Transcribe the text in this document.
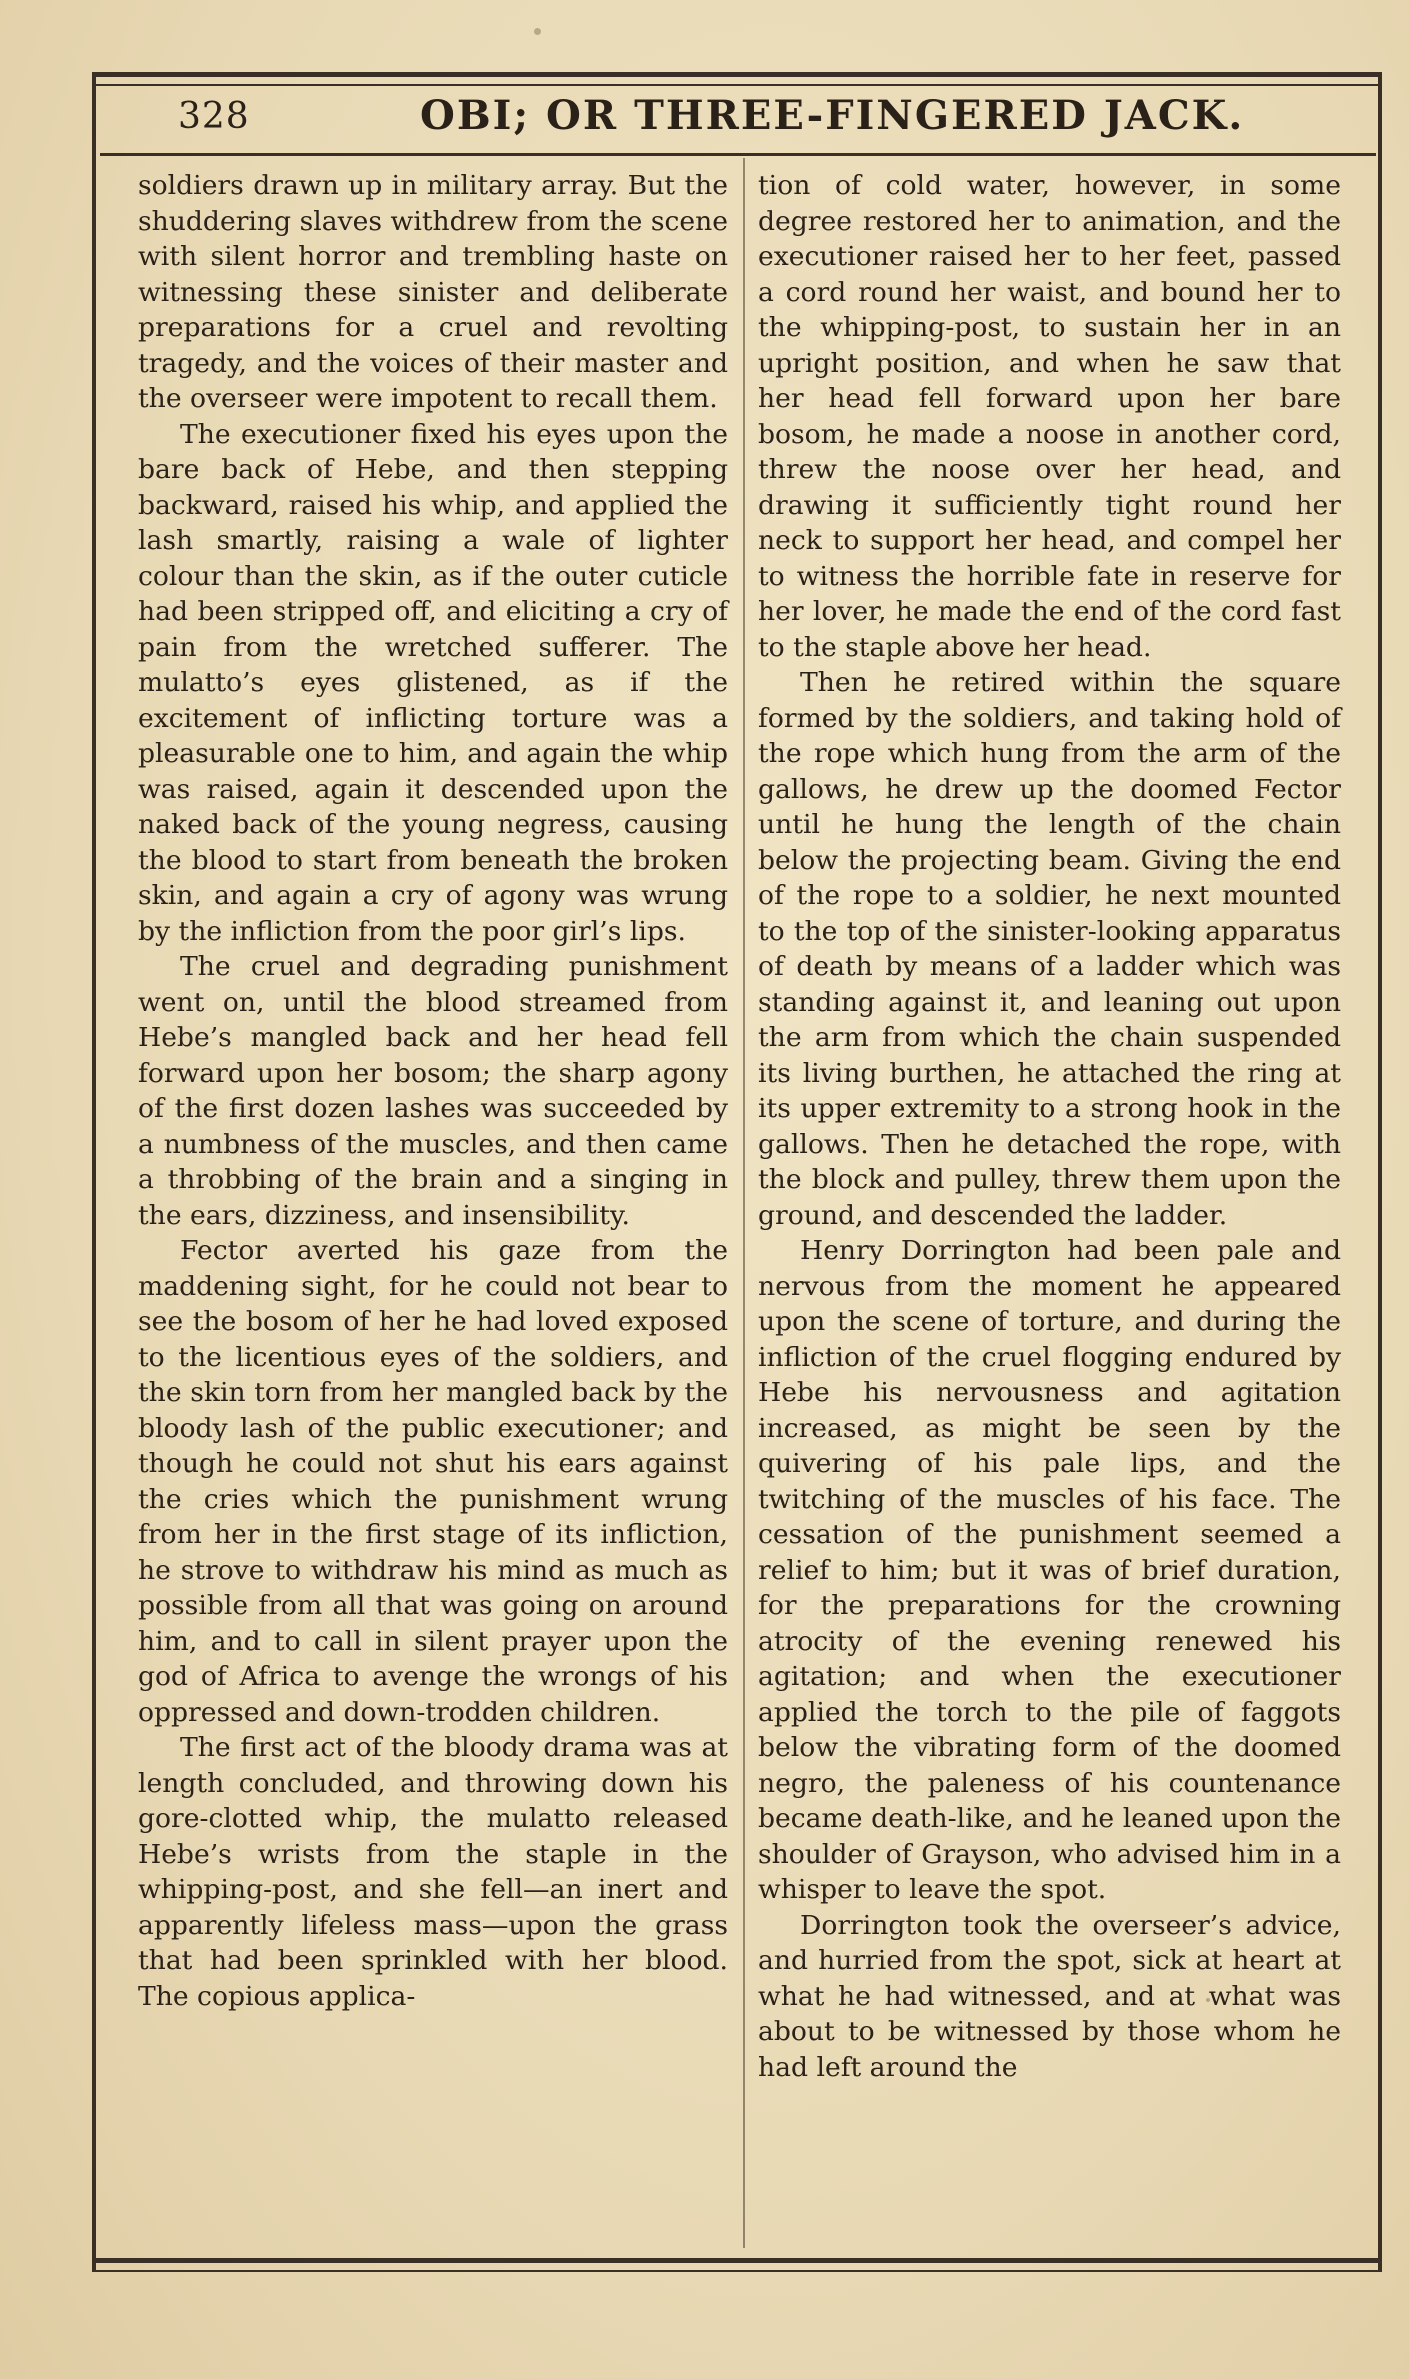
328	OBI; OR THREE-FINGERED JACK.

soldiers drawn up in military array. But the shuddering slaves withdrew from the scene with silent horror and trembling haste on witnessing these sinister and deliberate preparations for a cruel and revolting tragedy, and the voices of their master and the overseer were impotent to recall them.

The executioner fixed his eyes upon the bare back of Hebe, and then stepping backward, raised his whip, and applied the lash smartly, raising a wale of lighter colour than the skin, as if the outer cuticle had been stripped off, and eliciting a cry of pain from the wretched sufferer. The mulatto’s eyes glistened, as if the excitement of inflicting torture was a pleasurable one to him, and again the whip was raised, again it descended upon the naked back of the young negress, causing the blood to start from beneath the broken skin, and again a cry of agony was wrung by the infliction from the poor girl’s lips.

The cruel and degrading punishment went on, until the blood streamed from Hebe’s mangled back and her head fell forward upon her bosom; the sharp agony of the first dozen lashes was succeeded by a numbness of the muscles, and then came a throbbing of the brain and a singing in the ears, dizziness, and insensibility.

Fector averted his gaze from the maddening sight, for he could not bear to see the bosom of her he had loved exposed to the licentious eyes of the soldiers, and the skin torn from her mangled back by the bloody lash of the public executioner; and though he could not shut his ears against the cries which the punishment wrung from her in the first stage of its infliction, he strove to withdraw his mind as much as possible from all that was going on around him, and to call in silent prayer upon the god of Africa to avenge the wrongs of his oppressed and down-trodden children.

The first act of the bloody drama was at length concluded, and throwing down his gore-clotted whip, the mulatto released Hebe’s wrists from the staple in the whipping-post, and she fell—an inert and apparently lifeless mass—upon the grass that had been sprinkled with her blood. The copious applica-

tion of cold water, however, in some degree restored her to animation, and the executioner raised her to her feet, passed a cord round her waist, and bound her to the whipping-post, to sustain her in an upright position, and when he saw that her head fell forward upon her bare bosom, he made a noose in another cord, threw the noose over her head, and drawing it sufficiently tight round her neck to support her head, and compel her to witness the horrible fate in reserve for her lover, he made the end of the cord fast to the staple above her head.

Then he retired within the square formed by the soldiers, and taking hold of the rope which hung from the arm of the gallows, he drew up the doomed Fector until he hung the length of the chain below the projecting beam. Giving the end of the rope to a soldier, he next mounted to the top of the sinister-looking apparatus of death by means of a ladder which was standing against it, and leaning out upon the arm from which the chain suspended its living burthen, he attached the ring at its upper extremity to a strong hook in the gallows. Then he detached the rope, with the block and pulley, threw them upon the ground, and descended the ladder.

Henry Dorrington had been pale and nervous from the moment he appeared upon the scene of torture, and during the infliction of the cruel flogging endured by Hebe his nervousness and agitation increased, as might be seen by the quivering of his pale lips, and the twitching of the muscles of his face. The cessation of the punishment seemed a relief to him; but it was of brief duration, for the preparations for the crowning atrocity of the evening renewed his agitation; and when the executioner applied the torch to the pile of faggots below the vibrating form of the doomed negro, the paleness of his countenance became death-like, and he leaned upon the shoulder of Grayson, who advised him in a whisper to leave the spot.

Dorrington took the overseer’s advice, and hurried from the spot, sick at heart at what he had witnessed, and at what was about to be witnessed by those whom he had left around the
